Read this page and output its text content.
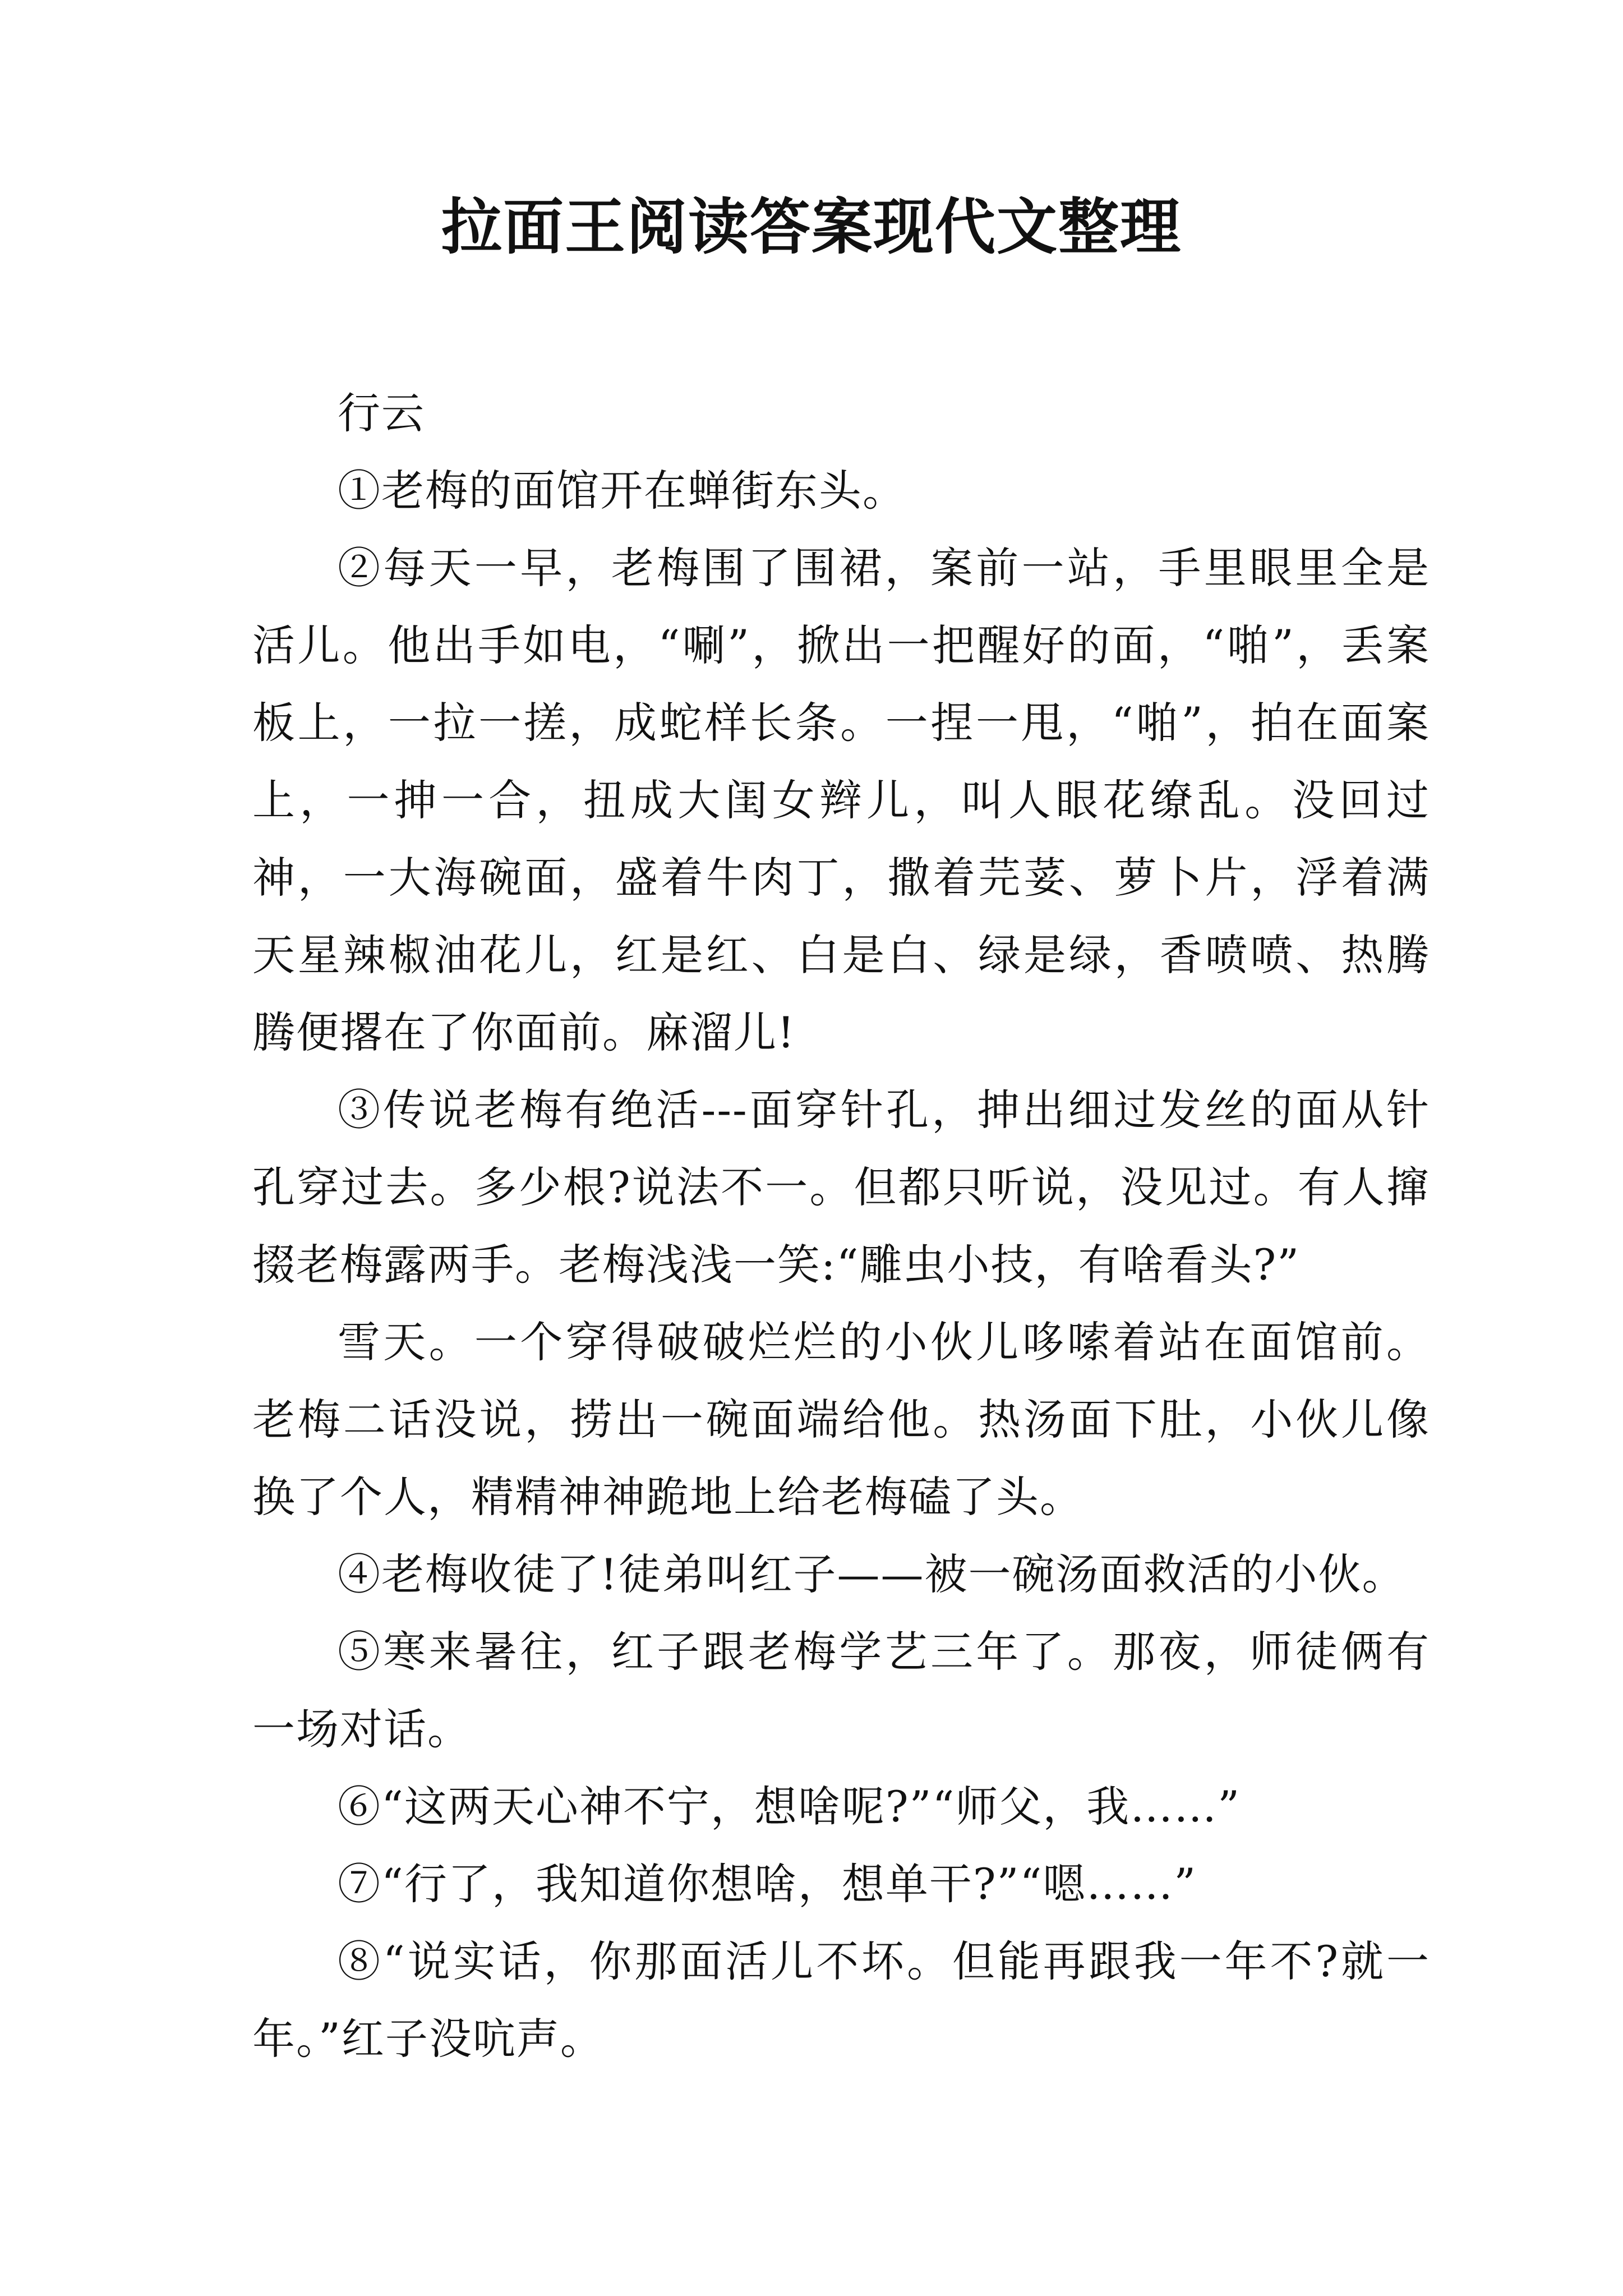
拉面王阅读答案现代文整理

行云

①老梅的面馆开在蝉街东头。

②每天一早，老梅围了围裙，案前一站，手里眼里全是活儿。他出手如电，“唰”，掀出一把醒好的面，“啪”，丢案板上，一拉一搓，成蛇样长条。一捏一甩，“啪”，拍在面案上，一抻一合，扭成大闺女辫儿，叫人眼花缭乱。没回过神，一大海碗面，盛着牛肉丁，撒着芫荽、萝卜片，浮着满天星辣椒油花儿，红是红、白是白、绿是绿，香喷喷、热腾腾便撂在了你面前。麻溜儿!

③传说老梅有绝活---面穿针孔，抻出细过发丝的面从针孔穿过去。多少根?说法不一。但都只听说，没见过。有人撺掇老梅露两手。老梅浅浅一笑:“雕虫小技，有啥看头?”

雪天。一个穿得破破烂烂的小伙儿哆嗦着站在面馆前。老梅二话没说，捞出一碗面端给他。热汤面下肚，小伙儿像换了个人，精精神神跪地上给老梅磕了头。

④老梅收徒了!徒弟叫红子——被一碗汤面救活的小伙。

⑤寒来暑往，红子跟老梅学艺三年了。那夜，师徒俩有一场对话。

⑥“这两天心神不宁，想啥呢?”“师父，我……”

⑦“行了，我知道你想啥，想单干?”“嗯……”

⑧“说实话，你那面活儿不坏。但能再跟我一年不?就一年。”红子没吭声。
